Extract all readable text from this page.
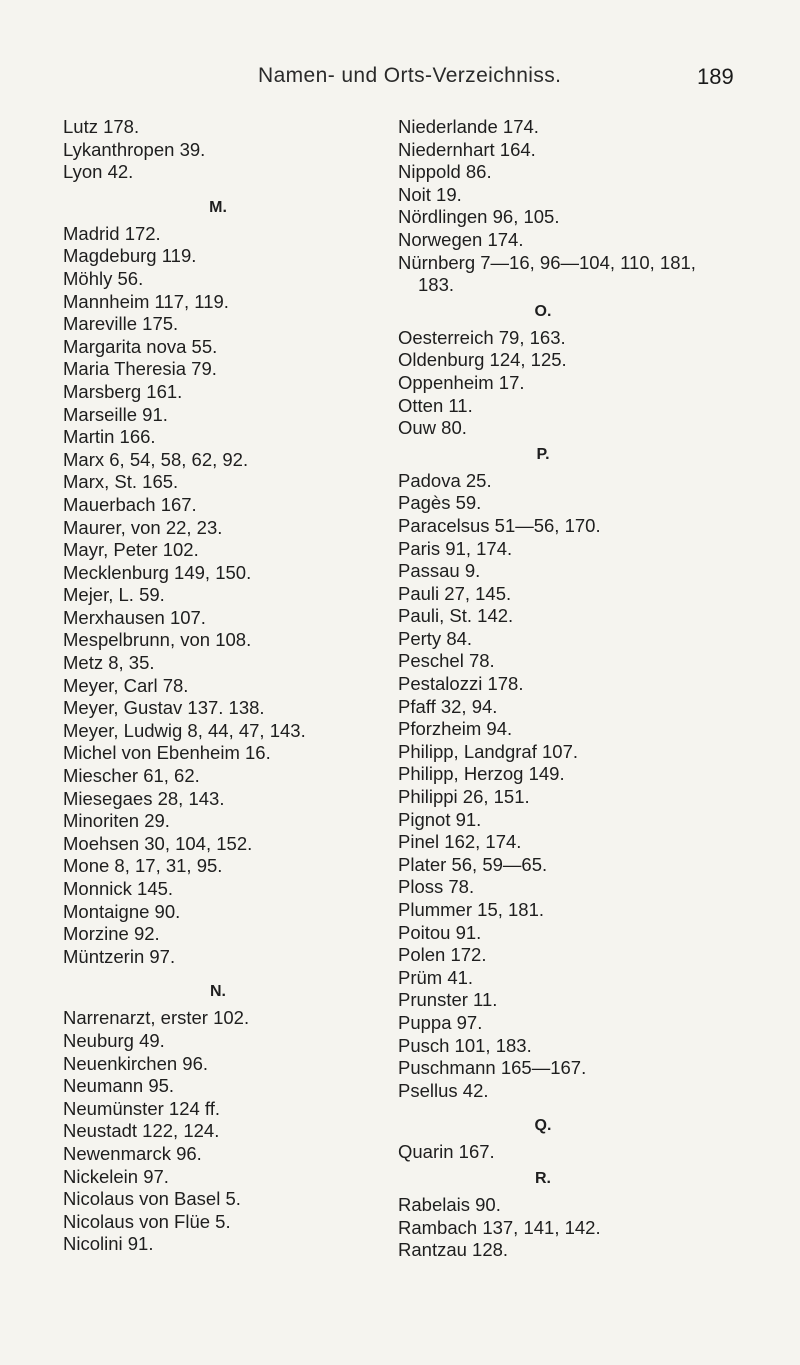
Namen- und Orts-Verzeichniss.	189
Lutz 178.
Lykanthropen 39.
Lyon 42.
M.
Madrid 172.
Magdeburg 119.
Möhly 56.
Mannheim 117, 119.
Mareville 175.
Margarita nova 55.
Maria Theresia 79.
Marsberg 161.
Marseille 91.
Martin 166.
Marx 6, 54, 58, 62, 92.
Marx, St. 165.
Mauerbach 167.
Maurer, von 22, 23.
Mayr, Peter 102.
Mecklenburg 149, 150.
Mejer, L. 59.
Merxhausen 107.
Mespelbrunn, von 108.
Metz 8, 35.
Meyer, Carl 78.
Meyer, Gustav 137. 138.
Meyer, Ludwig 8, 44, 47, 143.
Michel von Ebenheim 16.
Miescher 61, 62.
Miesegaes 28, 143.
Minoriten 29.
Moehsen 30, 104, 152.
Mone 8, 17, 31, 95.
Monnick 145.
Montaigne 90.
Morzine 92.
Müntzerin 97.
N.
Narrenarzt, erster 102.
Neuburg 49.
Neuenkirchen 96.
Neumann 95.
Neumünster 124 ff.
Neustadt 122, 124.
Newenmarck 96.
Nickelein 97.
Nicolaus von Basel 5.
Nicolaus von Flüe 5.
Nicolini 91.
Niederlande 174.
Niedernhart 164.
Nippold 86.
Noit 19.
Nördlingen 96, 105.
Norwegen 174.
Nürnberg 7—16, 96—104, 110, 181,
183.
O.
Oesterreich 79, 163.
Oldenburg 124, 125.
Oppenheim 17.
Otten 11.
Ouw 80.
P.
Padova 25.
Pagès 59.
Paracelsus 51—56, 170.
Paris 91, 174.
Passau 9.
Pauli 27, 145.
Pauli, St. 142.
Perty 84.
Peschel 78.
Pestalozzi 178.
Pfaff 32, 94.
Pforzheim 94.
Philipp, Landgraf 107.
Philipp, Herzog 149.
Philippi 26, 151.
Pignot 91.
Pinel 162, 174.
Plater 56, 59—65.
Ploss 78.
Plummer 15, 181.
Poitou 91.
Polen 172.
Prüm 41.
Prunster 11.
Puppa 97.
Pusch 101, 183.
Puschmann 165—167.
Psellus 42.
Q.
Quarin 167.
R.
Rabelais 90.
Rambach 137, 141, 142.
Rantzau 128.
